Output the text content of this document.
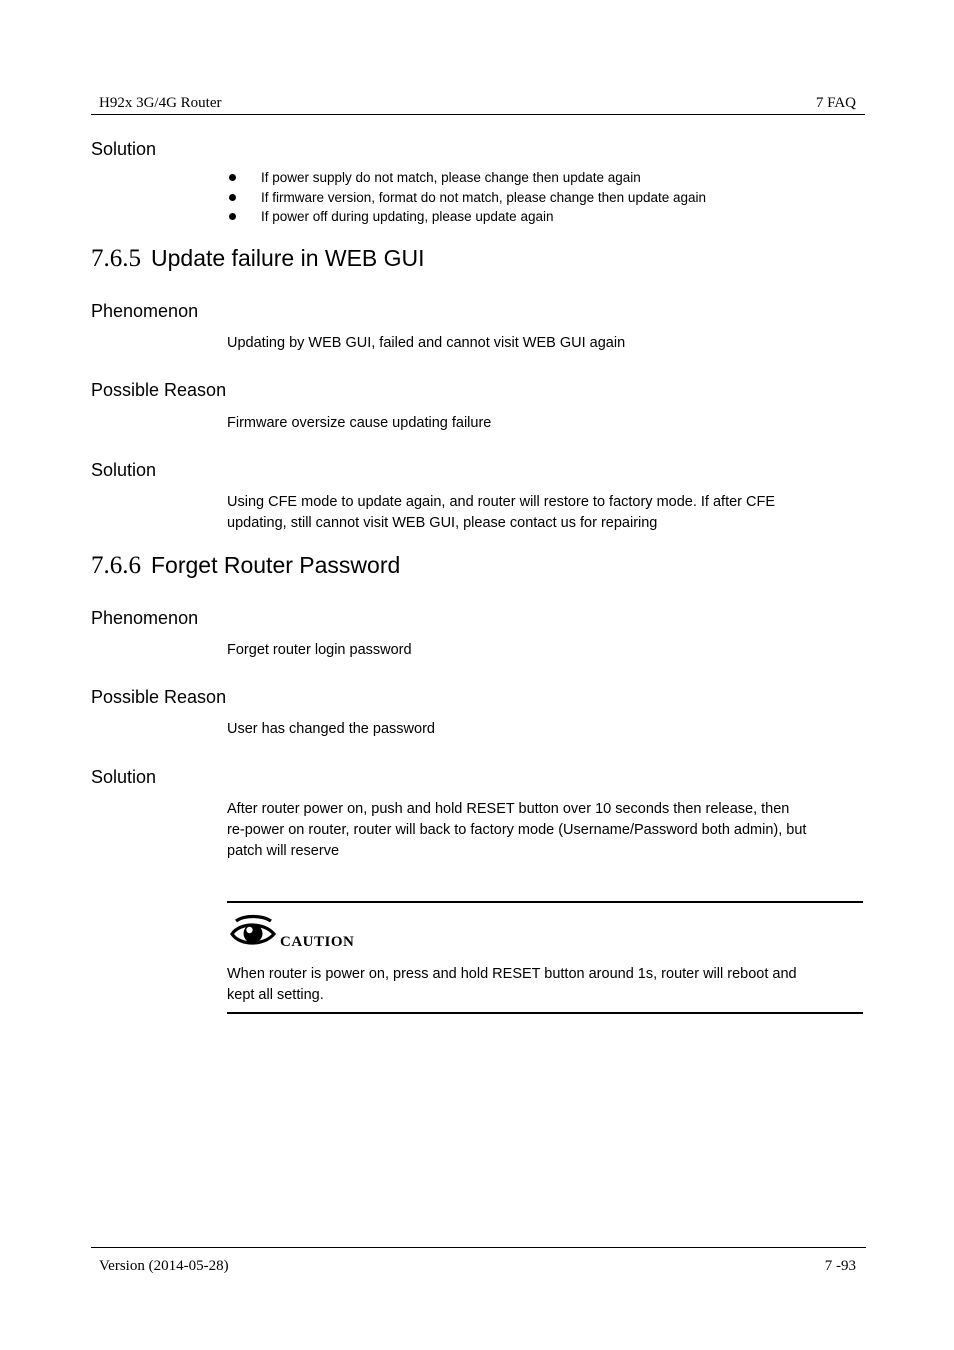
H92x 3G/4G Router	7 FAQ
Solution
If power supply do not match, please change then update again
If firmware version, format do not match, please change then update again
If power off during updating, please update again
7.6.5 Update failure in WEB GUI
Phenomenon
Updating by WEB GUI, failed and cannot visit WEB GUI again
Possible Reason
Firmware oversize cause updating failure
Solution
Using CFE mode to update again, and router will restore to factory mode. If after CFE
updating, still cannot visit WEB GUI, please contact us for repairing
7.6.6 Forget Router Password
Phenomenon
Forget router login password
Possible Reason
User has changed the password
Solution
After router power on, push and hold RESET button over 10 seconds then release, then
re-power on router, router will back to factory mode (Username/Password both admin), but
patch will reserve
CAUTION
When router is power on, press and hold RESET button around 1s, router will reboot and
kept all setting.
Version (2014-05-28)	7 -93
